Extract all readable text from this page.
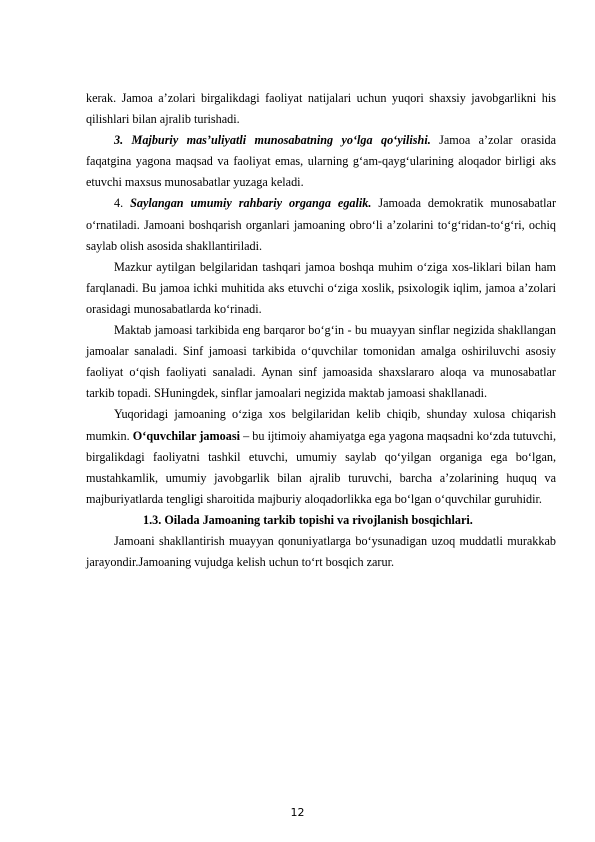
kerak. Jamoa a’zolari birgalikdagi faoliyat natijalari uchun yuqori shaxsiy javobgarlikni his qilishlari bilan ajralib turishadi.

3. Majburiy mas’uliyatli munosabatning yo‘lga qo‘yilishi. Jamoa a’zolar orasida faqatgina yagona maqsad va faoliyat emas, ularning g‘am-qayg‘ularining aloqador birligi aks etuvchi maxsus munosabatlar yuzaga keladi.

4. Saylangan umumiy rahbariy organga egalik. Jamoada demokratik munosabatlar o‘rnatiladi. Jamoani boshqarish organlari jamoaning obro‘li a’zolarini to‘g‘ridan-to‘g‘ri, ochiq saylab olish asosida shakllantiriladi.

Mazkur aytilgan belgilaridan tashqari jamoa boshqa muhim o‘ziga xos-liklari bilan ham farqlanadi. Bu jamoa ichki muhitida aks etuvchi o‘ziga xoslik, psixologik iqlim, jamoa a’zolari orasidagi munosabatlarda ko‘rinadi.

Maktab jamoasi tarkibida eng barqaror bo‘g‘in - bu muayyan sinflar negizida shakllangan jamoalar sanaladi. Sinf jamoasi tarkibida o‘quvchilar tomonidan amalga oshiriluvchi asosiy faoliyat o‘qish faoliyati sanaladi. Aynan sinf jamoasida shaxslararo aloqa va munosabatlar tarkib topadi. SHuningdek, sinflar jamoalari negizida maktab jamoasi shakllanadi.

Yuqoridagi jamoaning o‘ziga xos belgilaridan kelib chiqib, shunday xulosa chiqarish mumkin. O‘quvchilar jamoasi – bu ijtimoiy ahamiyatga ega yagona maqsadni ko‘zda tutuvchi, birgalikdagi faoliyatni tashkil etuvchi, umumiy saylab qo‘yilgan organiga ega bo‘lgan, mustahkamlik, umumiy javobgarlik bilan ajralib turuvchi, barcha a’zolarining huquq va majburiyatlarda tengligi sharoitida majburiy aloqadorlikka ega bo‘lgan o‘quvchilar guruhidir.

1.3. Oilada Jamoaning tarkib topishi va rivojlanish bosqichlari.

Jamoani shakllantirish muayyan qonuniyatlarga bo‘ysunadigan uzoq muddatli murakkab jarayondir.Jamoaning vujudga kelish uchun to‘rt bosqich zarur.

12
